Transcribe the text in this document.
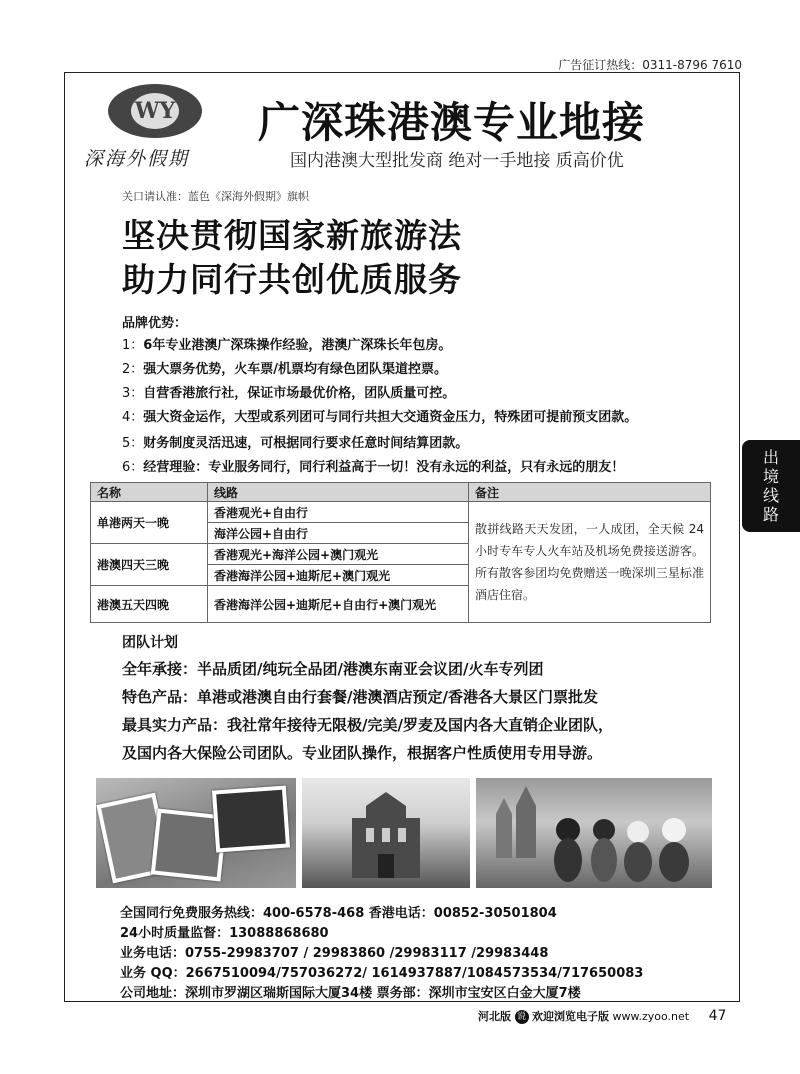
广告征订热线：0311-8796 7610
WY
深海外假期
广深珠港澳专业地接
国内港澳大型批发商 绝对一手地接 质高价优
关口请认准：蓝色《深海外假期》旗帜
坚决贯彻国家新旅游法
助力同行共创优质服务
品牌优势：
1：6年专业港澳广深珠操作经验，港澳广深珠长年包房。
2：强大票务优势，火车票/机票均有绿色团队渠道控票。
3：自营香港旅行社，保证市场最优价格，团队质量可控。
4：强大资金运作，大型或系列团可与同行共担大交通资金压力，特殊团可提前预支团款。
5：财务制度灵活迅速，可根据同行要求任意时间结算团款。
6：经营理验：专业服务同行，同行利益高于一切！没有永远的利益，只有永远的朋友！
名称	线路	备注
单港两天一晚	香港观光+自由行	散拼线路天天发团，一人成团，全天候 24 小时专车专人火车站及机场免费接送游客。所有散客参团均免费赠送一晚深圳三星标准酒店住宿。
	海洋公园+自由行	
港澳四天三晚	香港观光+海洋公园+澳门观光	
	香港海洋公园+迪斯尼+澳门观光	
港澳五天四晚	香港海洋公园+迪斯尼+自由行+澳门观光	
团队计划
全年承接：半品质团/纯玩全品团/港澳东南亚会议团/火车专列团
特色产品：单港或港澳自由行套餐/港澳酒店预定/香港各大景区门票批发
最具实力产品：我社常年接待无限极/完美/罗麦及国内各大直销企业团队，
及国内各大保险公司团队。专业团队操作，根据客户性质使用专用导游。
全国同行免费服务热线：400-6578-468 香港电话：00852-30501804
24小时质量监督：13088868680
业务电话：0755-29983707 / 29983860 /29983117 /29983448
业务 QQ：2667510094/757036272/ 1614937887/1084573534/717650083
公司地址：深圳市罗湖区瑞斯国际大厦34楼 票务部：深圳市宝安区白金大厦7楼
河北版 说 欢迎浏览电子版 www.zyoo.net 47
出
境
线
路
